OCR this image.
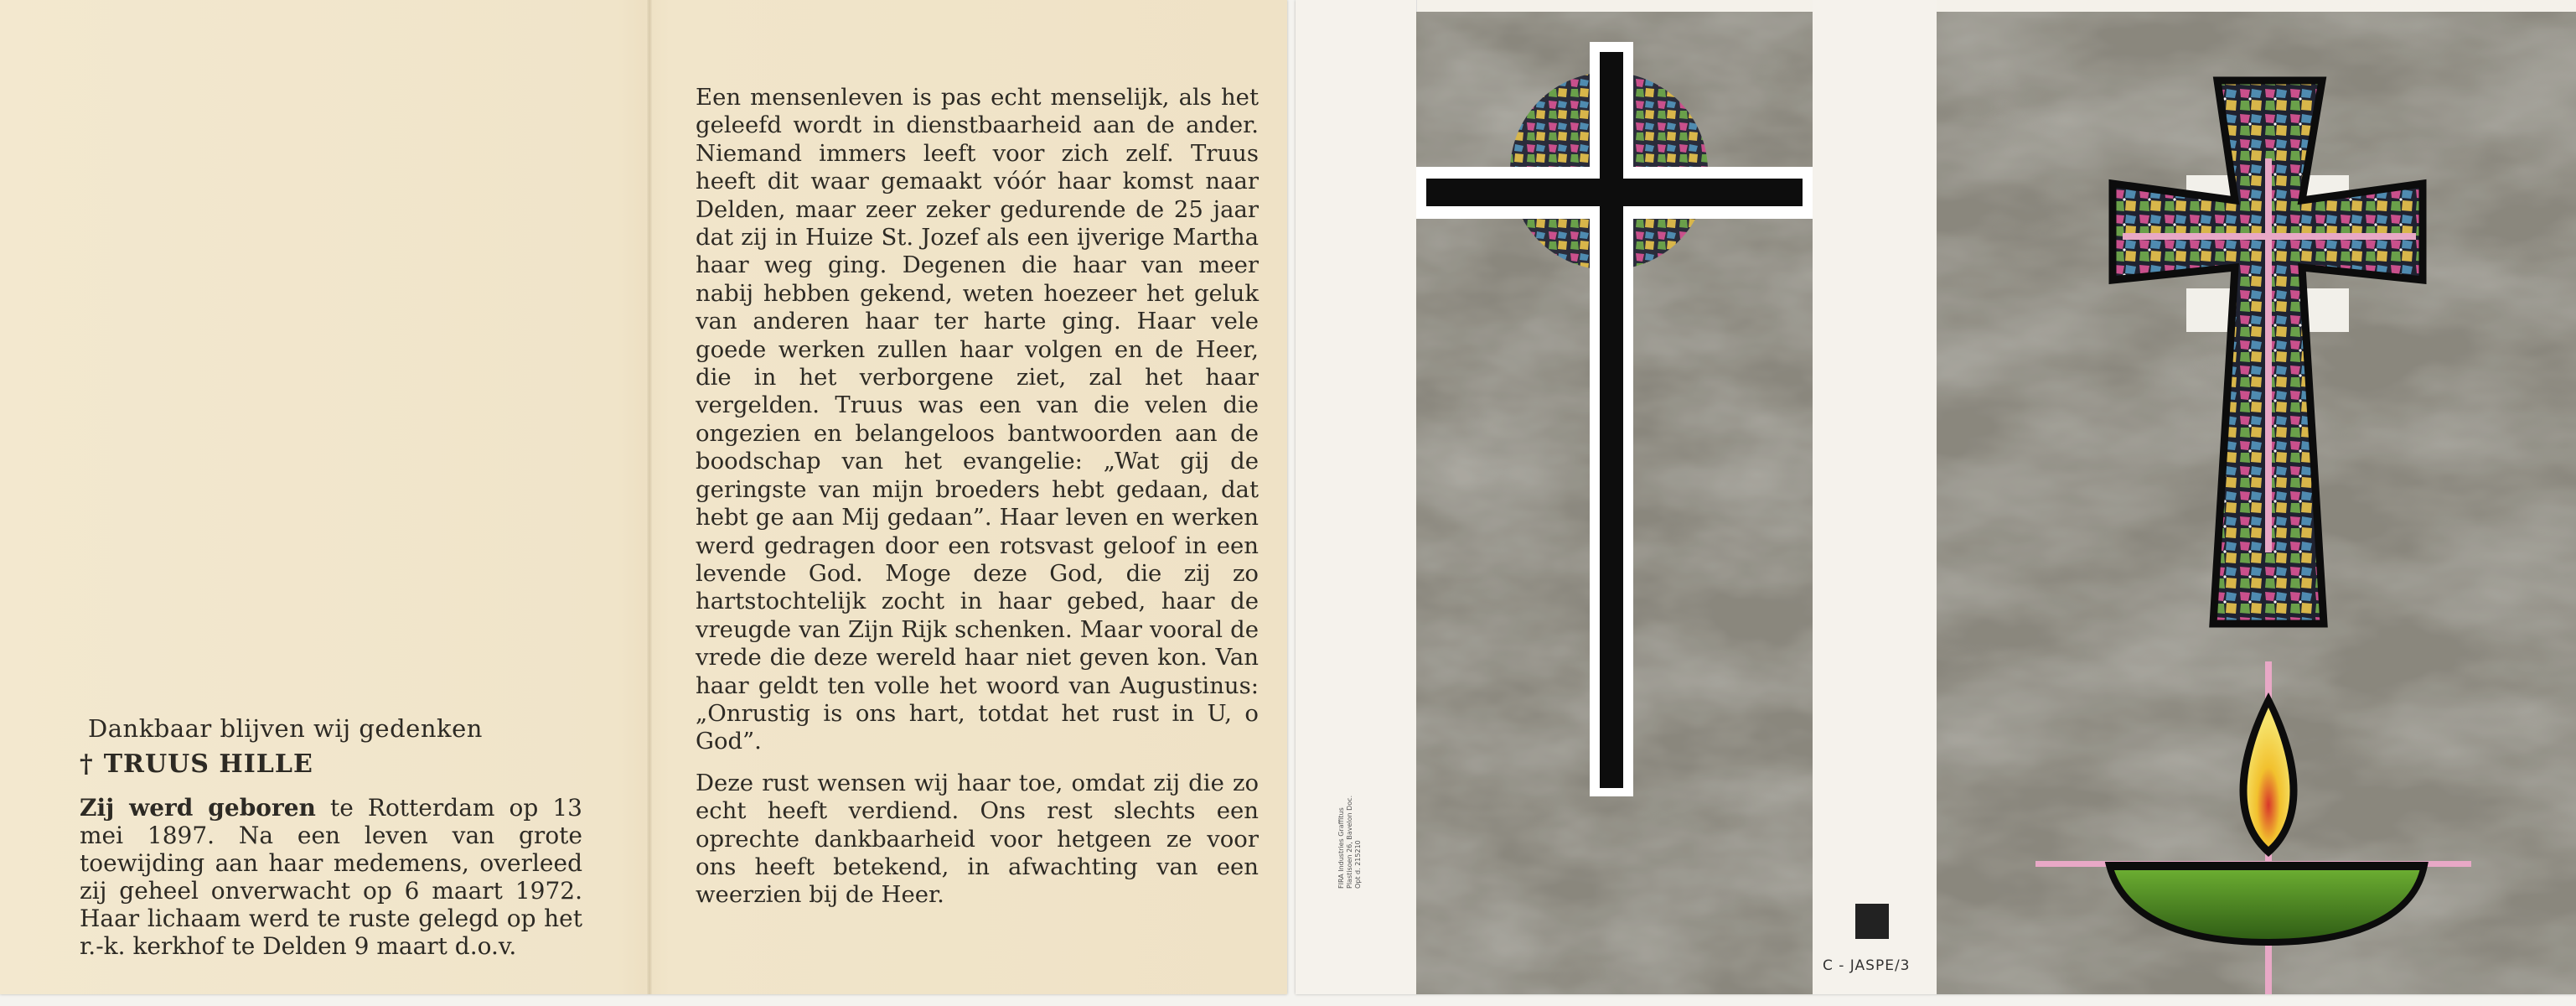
Dankbaar blijven wij gedenken
† TRUUS HILLE

Zij werd geboren te Rotterdam op 13 mei 1897. Na een leven van grote toewijding aan haar medemens, overleed zij geheel onverwacht op 6 maart 1972. Haar lichaam werd te ruste gelegd op het r.-k. kerkhof te Delden 9 maart d.o.v.

Een mensenleven is pas echt menselijk, als het geleefd wordt in dienstbaarheid aan de ander. Niemand immers leeft voor zich zelf. Truus heeft dit waar gemaakt vóór haar komst naar Delden, maar zeer zeker gedurende de 25 jaar dat zij in Huize St. Jozef als een ijverige Martha haar weg ging. Degenen die haar van meer nabij hebben gekend, weten hoezeer het geluk van anderen haar ter harte ging. Haar vele goede werken zullen haar volgen en de Heer, die in het verborgene ziet, zal het haar vergelden. Truus was een van die velen die ongezien en belangeloos bantwoorden aan de boodschap van het evangelie: „Wat gij de geringste van mijn broeders hebt gedaan, dat hebt ge aan Mij gedaan”. Haar leven en werken werd gedragen door een rotsvast geloof in een levende God. Moge deze God, die zij zo hartstochtelijk zocht in haar gebed, haar de vreugde van Zijn Rijk schenken. Maar vooral de vrede die deze wereld haar niet geven kon. Van haar geldt ten volle het woord van Augustinus: „Onrustig is ons hart, totdat het rust in U, o God”.

Deze rust wensen wij haar toe, omdat zij die zo echt heeft verdiend. Ons rest slechts een oprechte dankbaarheid voor hetgeen ze voor ons heeft betekend, in afwachting van een weerzien bij de Heer.

FIRA Industries Graffitus Plastisoen 26, Bavelon Doc. Opt d. 215210
C - JASPE/3
